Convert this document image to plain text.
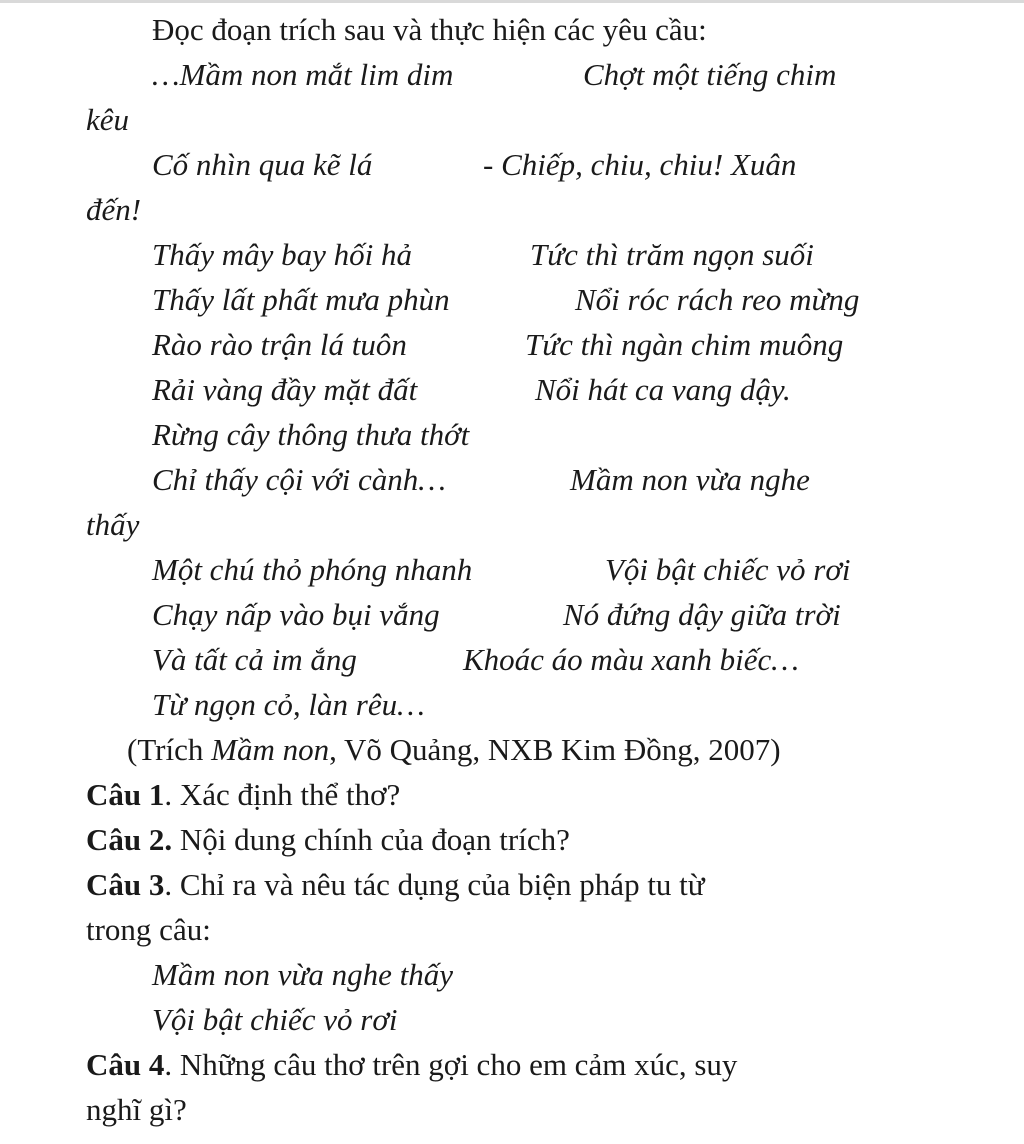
Đọc đoạn trích sau và thực hiện các yêu cầu:
…Mầm non mắt lim dim	Chợt một tiếng chim
kêu
Cố nhìn qua kẽ lá	- Chiếp, chiu, chiu! Xuân
đến!
Thấy mây bay hối hả	Tức thì trăm ngọn suối
Thấy lất phất mưa phùn	Nổi róc rách reo mừng
Rào rào trận lá tuôn	Tức thì ngàn chim muông
Rải vàng đầy mặt đất	Nổi hát ca vang dậy.
Rừng cây thông thưa thớt
Chỉ thấy cội với cành…	Mầm non vừa nghe
thấy
Một chú thỏ phóng nhanh	Vội bật chiếc vỏ rơi
Chạy nấp vào bụi vắng	Nó đứng dậy giữa trời
Và tất cả im ắng	Khoác áo màu xanh biếc…
Từ ngọn cỏ, làn rêu…
(Trích Mầm non, Võ Quảng, NXB Kim Đồng, 2007)
Câu 1. Xác định thể thơ?
Câu 2. Nội dung chính của đoạn trích?
Câu 3. Chỉ ra và nêu tác dụng của biện pháp tu từ
trong câu:
Mầm non vừa nghe thấy
Vội bật chiếc vỏ rơi
Câu 4. Những câu thơ trên gợi cho em cảm xúc, suy
nghĩ gì?
